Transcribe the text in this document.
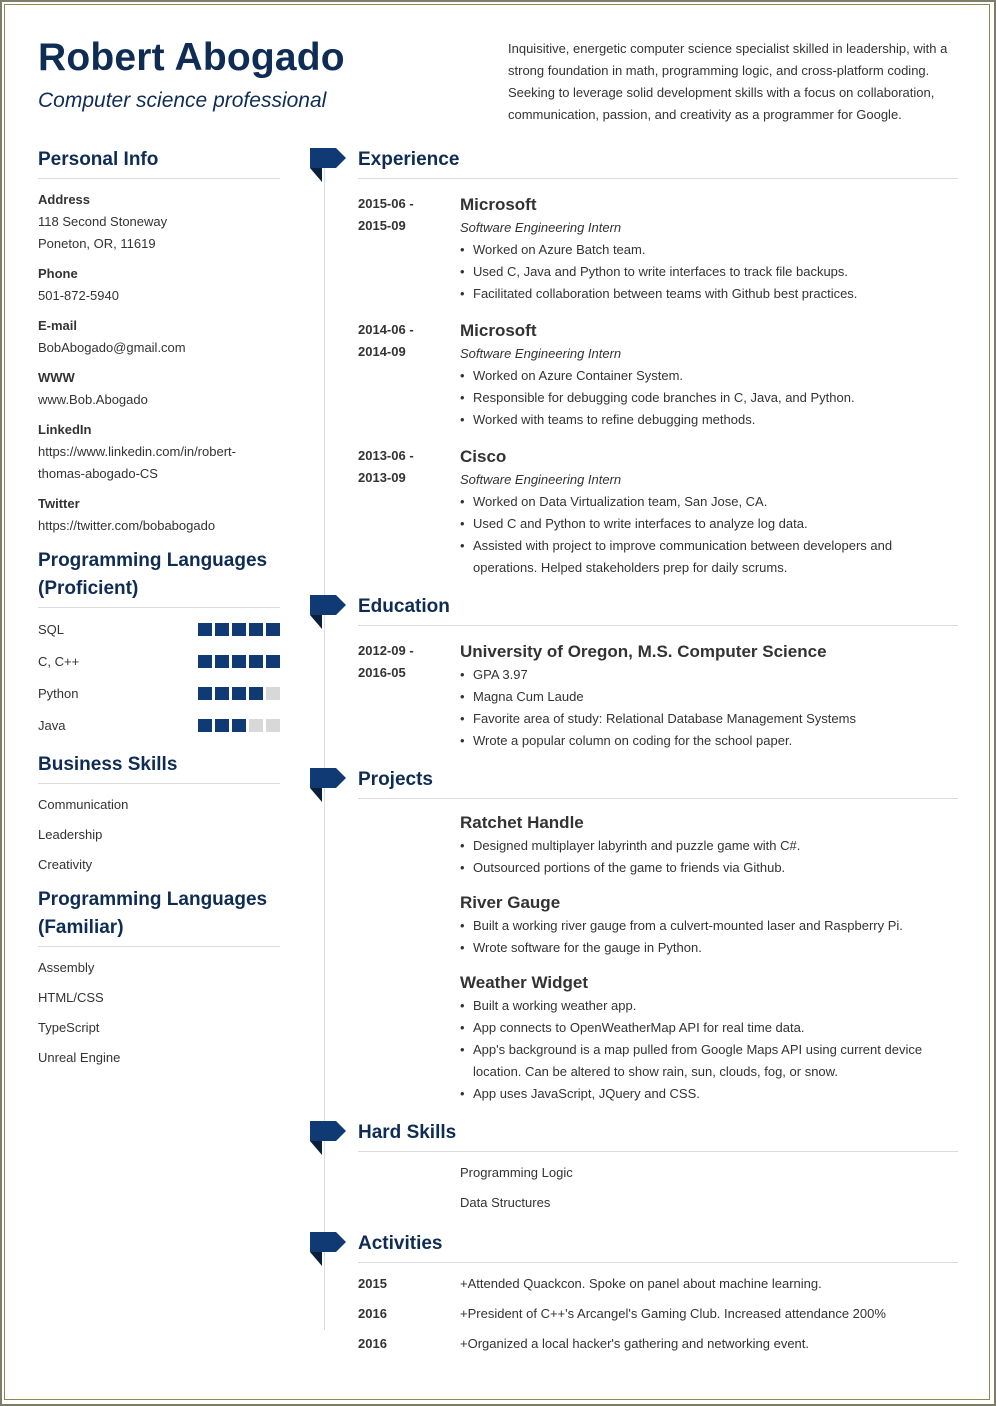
Robert Abogado
Computer science professional
Inquisitive, energetic computer science specialist skilled in leadership, with a strong foundation in math, programming logic, and cross-platform coding. Seeking to leverage solid development skills with a focus on collaboration, communication, passion, and creativity as a programmer for Google.
Personal Info
Address
118 Second Stoneway
Poneton, OR, 11619
Phone
501-872-5940
E-mail
BobAbogado@gmail.com
WWW
www.Bob.Abogado
LinkedIn
https://www.linkedin.com/in/robert-
thomas-abogado-CS
Twitter
https://twitter.com/bobabogado
Programming Languages (Proficient)
SQL
C, C++
Python
Java
Business Skills
Communication
Leadership
Creativity
Programming Languages (Familiar)
Assembly
HTML/CSS
TypeScript
Unreal Engine
Experience
2015-06 -
2015-09
Microsoft
Software Engineering Intern
• Worked on Azure Batch team.
• Used C, Java and Python to write interfaces to track file backups.
• Facilitated collaboration between teams with Github best practices.
2014-06 -
2014-09
Microsoft
Software Engineering Intern
• Worked on Azure Container System.
• Responsible for debugging code branches in C, Java, and Python.
• Worked with teams to refine debugging methods.
2013-06 -
2013-09
Cisco
Software Engineering Intern
• Worked on Data Virtualization team, San Jose, CA.
• Used C and Python to write interfaces to analyze log data.
• Assisted with project to improve communication between developers and operations. Helped stakeholders prep for daily scrums.
Education
2012-09 -
2016-05
University of Oregon, M.S. Computer Science
• GPA 3.97
• Magna Cum Laude
• Favorite area of study: Relational Database Management Systems
• Wrote a popular column on coding for the school paper.
Projects
Ratchet Handle
• Designed multiplayer labyrinth and puzzle game with C#.
• Outsourced portions of the game to friends via Github.
River Gauge
• Built a working river gauge from a culvert-mounted laser and Raspberry Pi.
• Wrote software for the gauge in Python.
Weather Widget
• Built a working weather app.
• App connects to OpenWeatherMap API for real time data.
• App's background is a map pulled from Google Maps API using current device location. Can be altered to show rain, sun, clouds, fog, or snow.
• App uses JavaScript, JQuery and CSS.
Hard Skills
Programming Logic
Data Structures
Activities
2015	+Attended Quackcon. Spoke on panel about machine learning.
2016	+President of C++'s Arcangel's Gaming Club. Increased attendance 200%
2016	+Organized a local hacker's gathering and networking event.
